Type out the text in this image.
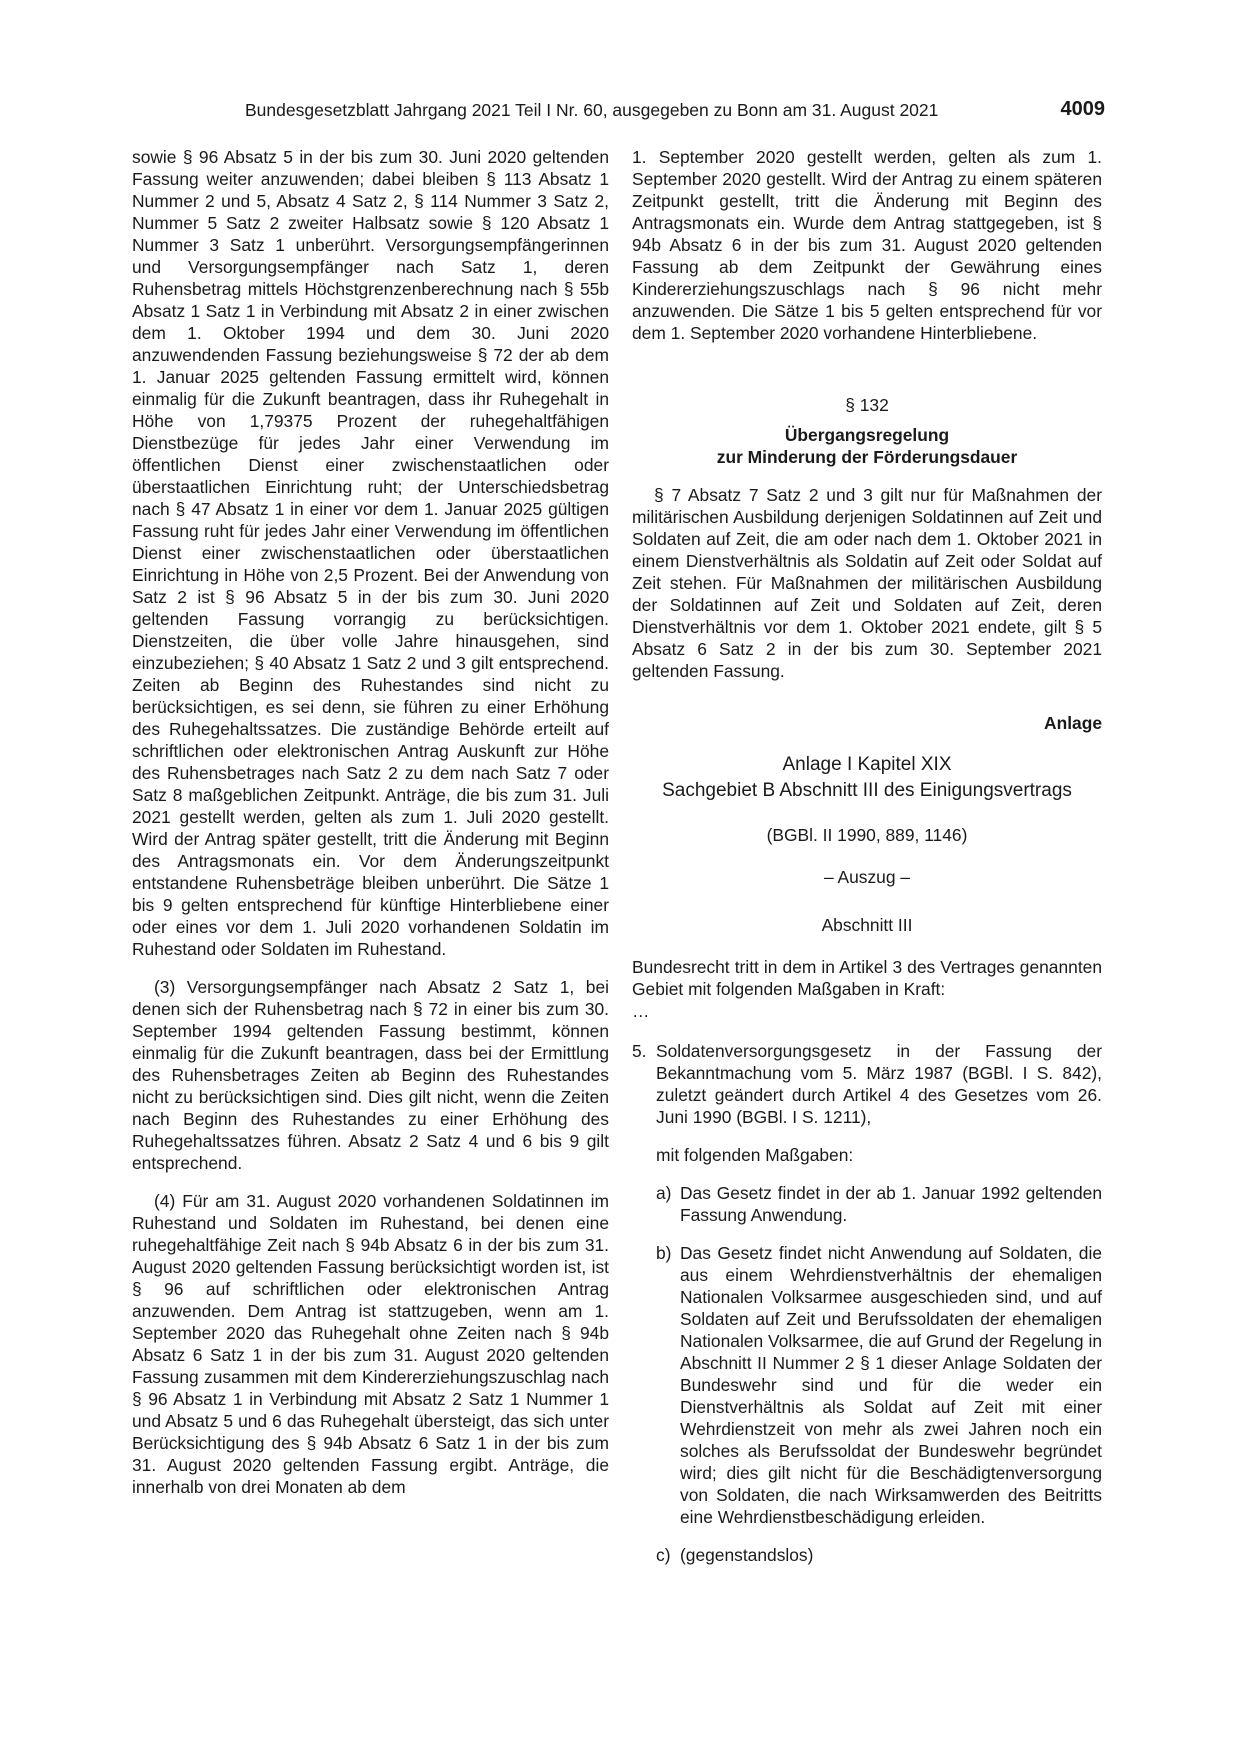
Bundesgesetzblatt Jahrgang 2021 Teil I Nr. 60, ausgegeben zu Bonn am 31. August 2021	4009

sowie § 96 Absatz 5 in der bis zum 30. Juni 2020 geltenden Fassung weiter anzuwenden; dabei bleiben § 113 Absatz 1 Nummer 2 und 5, Absatz 4 Satz 2, § 114 Nummer 3 Satz 2, Nummer 5 Satz 2 zweiter Halbsatz sowie § 120 Absatz 1 Nummer 3 Satz 1 unberührt. Versorgungsempfängerinnen und Versorgungsempfänger nach Satz 1, deren Ruhensbetrag mittels Höchstgrenzenberechnung nach § 55b Absatz 1 Satz 1 in Verbindung mit Absatz 2 in einer zwischen dem 1. Oktober 1994 und dem 30. Juni 2020 anzuwendenden Fassung beziehungsweise § 72 der ab dem 1. Januar 2025 geltenden Fassung ermittelt wird, können einmalig für die Zukunft beantragen, dass ihr Ruhegehalt in Höhe von 1,79375 Prozent der ruhegehaltfähigen Dienstbezüge für jedes Jahr einer Verwendung im öffentlichen Dienst einer zwischenstaatlichen oder überstaatlichen Einrichtung ruht; der Unterschiedsbetrag nach § 47 Absatz 1 in einer vor dem 1. Januar 2025 gültigen Fassung ruht für jedes Jahr einer Verwendung im öffentlichen Dienst einer zwischenstaatlichen oder überstaatlichen Einrichtung in Höhe von 2,5 Prozent. Bei der Anwendung von Satz 2 ist § 96 Absatz 5 in der bis zum 30. Juni 2020 geltenden Fassung vorrangig zu berücksichtigen. Dienstzeiten, die über volle Jahre hinausgehen, sind einzubeziehen; § 40 Absatz 1 Satz 2 und 3 gilt entsprechend. Zeiten ab Beginn des Ruhestandes sind nicht zu berücksichtigen, es sei denn, sie führen zu einer Erhöhung des Ruhegehaltssatzes. Die zuständige Behörde erteilt auf schriftlichen oder elektronischen Antrag Auskunft zur Höhe des Ruhensbetrages nach Satz 2 zu dem nach Satz 7 oder Satz 8 maßgeblichen Zeitpunkt. Anträge, die bis zum 31. Juli 2021 gestellt werden, gelten als zum 1. Juli 2020 gestellt. Wird der Antrag später gestellt, tritt die Änderung mit Beginn des Antragsmonats ein. Vor dem Änderungszeitpunkt entstandene Ruhensbeträge bleiben unberührt. Die Sätze 1 bis 9 gelten entsprechend für künftige Hinterbliebene einer oder eines vor dem 1. Juli 2020 vorhandenen Soldatin im Ruhestand oder Soldaten im Ruhestand.

(3) Versorgungsempfänger nach Absatz 2 Satz 1, bei denen sich der Ruhensbetrag nach § 72 in einer bis zum 30. September 1994 geltenden Fassung bestimmt, können einmalig für die Zukunft beantragen, dass bei der Ermittlung des Ruhensbetrages Zeiten ab Beginn des Ruhestandes nicht zu berücksichtigen sind. Dies gilt nicht, wenn die Zeiten nach Beginn des Ruhestandes zu einer Erhöhung des Ruhegehaltssatzes führen. Absatz 2 Satz 4 und 6 bis 9 gilt entsprechend.

(4) Für am 31. August 2020 vorhandenen Soldatinnen im Ruhestand und Soldaten im Ruhestand, bei denen eine ruhegehaltfähige Zeit nach § 94b Absatz 6 in der bis zum 31. August 2020 geltenden Fassung berücksichtigt worden ist, ist § 96 auf schriftlichen oder elektronischen Antrag anzuwenden. Dem Antrag ist stattzugeben, wenn am 1. September 2020 das Ruhegehalt ohne Zeiten nach § 94b Absatz 6 Satz 1 in der bis zum 31. August 2020 geltenden Fassung zusammen mit dem Kindererziehungszuschlag nach § 96 Absatz 1 in Verbindung mit Absatz 2 Satz 1 Nummer 1 und Absatz 5 und 6 das Ruhegehalt übersteigt, das sich unter Berücksichtigung des § 94b Absatz 6 Satz 1 in der bis zum 31. August 2020 geltenden Fassung ergibt. Anträge, die innerhalb von drei Monaten ab dem

1. September 2020 gestellt werden, gelten als zum 1. September 2020 gestellt. Wird der Antrag zu einem späteren Zeitpunkt gestellt, tritt die Änderung mit Beginn des Antragsmonats ein. Wurde dem Antrag stattgegeben, ist § 94b Absatz 6 in der bis zum 31. August 2020 geltenden Fassung ab dem Zeitpunkt der Gewährung eines Kindererziehungszuschlags nach § 96 nicht mehr anzuwenden. Die Sätze 1 bis 5 gelten entsprechend für vor dem 1. September 2020 vorhandene Hinterbliebene.

§ 132

Übergangsregelung
zur Minderung der Förderungsdauer

§ 7 Absatz 7 Satz 2 und 3 gilt nur für Maßnahmen der militärischen Ausbildung derjenigen Soldatinnen auf Zeit und Soldaten auf Zeit, die am oder nach dem 1. Oktober 2021 in einem Dienstverhältnis als Soldatin auf Zeit oder Soldat auf Zeit stehen. Für Maßnahmen der militärischen Ausbildung der Soldatinnen auf Zeit und Soldaten auf Zeit, deren Dienstverhältnis vor dem 1. Oktober 2021 endete, gilt § 5 Absatz 6 Satz 2 in der bis zum 30. September 2021 geltenden Fassung.

Anlage

Anlage I Kapitel XIX
Sachgebiet B Abschnitt III des Einigungsvertrags

(BGBl. II 1990, 889, 1146)

– Auszug –

Abschnitt III

Bundesrecht tritt in dem in Artikel 3 des Vertrages genannten Gebiet mit folgenden Maßgaben in Kraft:

…

5. Soldatenversorgungsgesetz in der Fassung der Bekanntmachung vom 5. März 1987 (BGBl. I S. 842), zuletzt geändert durch Artikel 4 des Gesetzes vom 26. Juni 1990 (BGBl. I S. 1211),

mit folgenden Maßgaben:

a) Das Gesetz findet in der ab 1. Januar 1992 geltenden Fassung Anwendung.

b) Das Gesetz findet nicht Anwendung auf Soldaten, die aus einem Wehrdienstverhältnis der ehemaligen Nationalen Volksarmee ausgeschieden sind, und auf Soldaten auf Zeit und Berufssoldaten der ehemaligen Nationalen Volksarmee, die auf Grund der Regelung in Abschnitt II Nummer 2 § 1 dieser Anlage Soldaten der Bundeswehr sind und für die weder ein Dienstverhältnis als Soldat auf Zeit mit einer Wehrdienstzeit von mehr als zwei Jahren noch ein solches als Berufssoldat der Bundeswehr begründet wird; dies gilt nicht für die Beschädigtenversorgung von Soldaten, die nach Wirksamwerden des Beitritts eine Wehrdienstbeschädigung erleiden.

c) (gegenstandslos)
